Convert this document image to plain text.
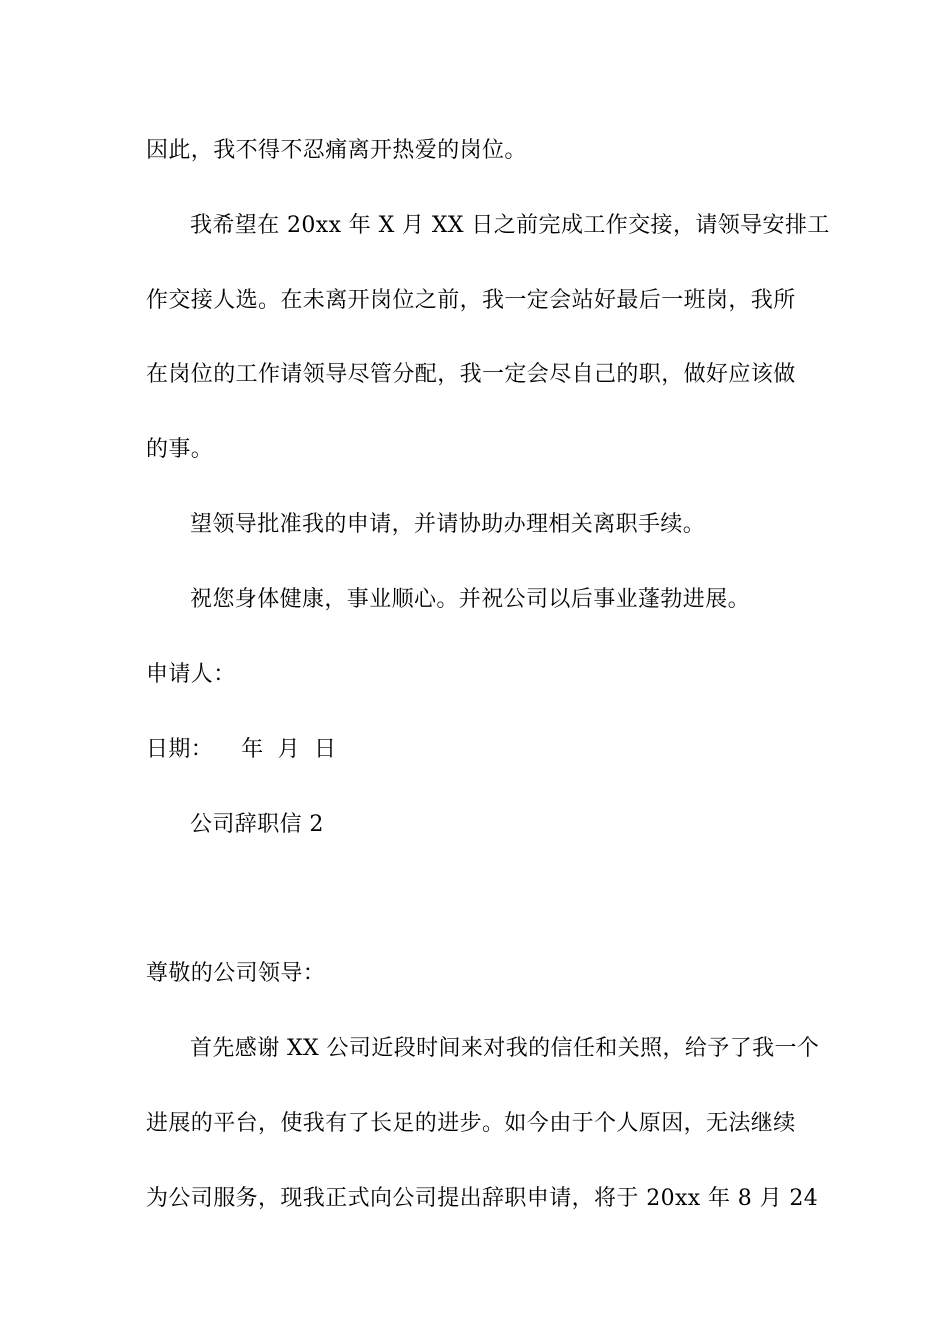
因此，我不得不忍痛离开热爱的岗位。
我希望在 20xx 年 X 月 XX 日之前完成工作交接，请领导安排工
作交接人选。在未离开岗位之前，我一定会站好最后一班岗，我所
在岗位的工作请领导尽管分配，我一定会尽自己的职，做好应该做
的事。
望领导批准我的申请，并请协助办理相关离职手续。
祝您身体健康，事业顺心。并祝公司以后事业蓬勃进展。
申请人：
日期： 年 月 日
公司辞职信 2
尊敬的公司领导：
首先感谢 XX 公司近段时间来对我的信任和关照，给予了我一个
进展的平台，使我有了长足的进步。如今由于个人原因，无法继续
为公司服务，现我正式向公司提出辞职申请，将于 20xx 年 8 月 24
